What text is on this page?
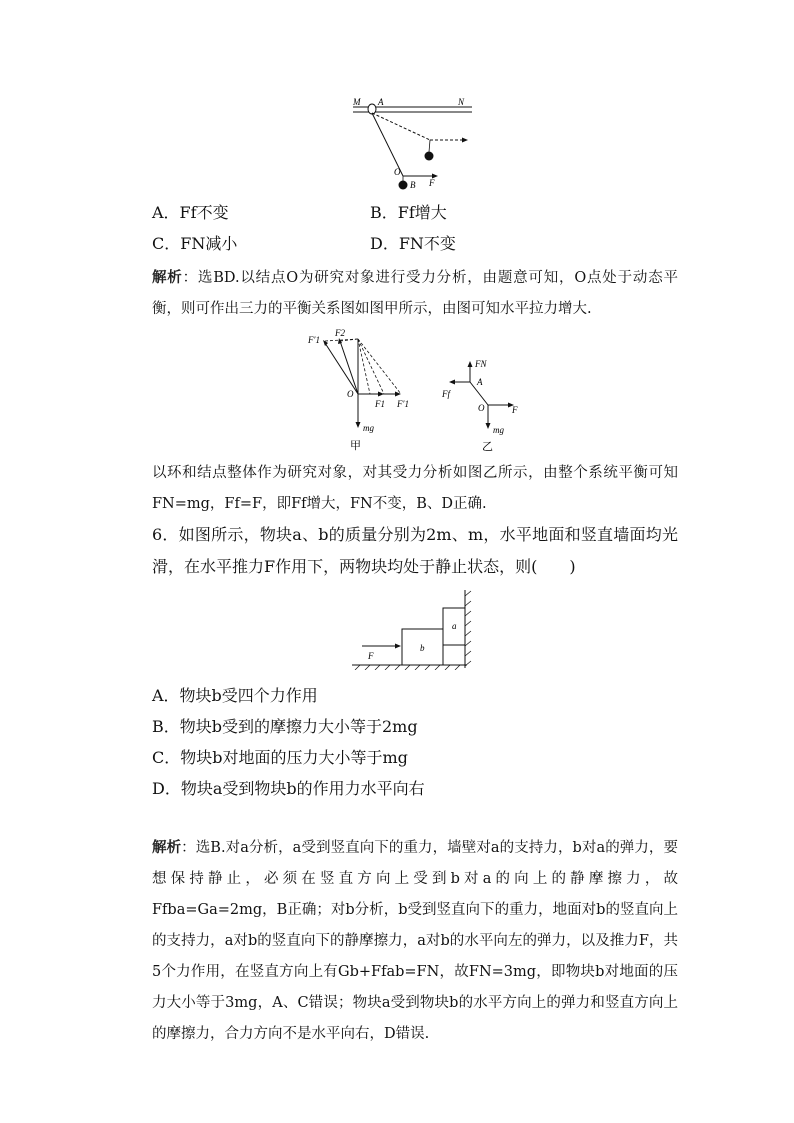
M A	N
O
B F
A．Ff不变	B．Ff增大
C．FN减小	D．FN不变
解析：选BD.以结点O为研究对象进行受力分析，由题意可知，O点处于动态平衡，则可作出三力的平衡关系图如图甲所示，由图可知水平拉力增大.
F′1
F2
O
F1 F′1
mg
甲
FN
A
Ff
O	F
mg
乙
以环和结点整体作为研究对象，对其受力分析如图乙所示，由整个系统平衡可知FN=mg，Ff=F，即Ff增大，FN不变，B、D正确.
6．如图所示，物块a、b的质量分别为2m、m，水平地面和竖直墙面均光滑，在水平推力F作用下，两物块均处于静止状态，则(　　)
F
b
a
A．物块b受四个力作用
B．物块b受到的摩擦力大小等于2mg
C．物块b对地面的压力大小等于mg
D．物块a受到物块b的作用力水平向右
解析：选B.对a分析，a受到竖直向下的重力，墙壁对a的支持力，b对a的弹力，要想保持静止，必须在竖直方向上受到b对a的向上的静摩擦力，故Ffba=Ga=2mg，B正确；对b分析，b受到竖直向下的重力，地面对b的竖直向上的支持力，a对b的竖直向下的静摩擦力，a对b的水平向左的弹力，以及推力F，共5个力作用，在竖直方向上有Gb+Ffab=FN，故FN=3mg，即物块b对地面的压力大小等于3mg，A、C错误；物块a受到物块b的水平方向上的弹力和竖直方向上的摩擦力，合力方向不是水平向右，D错误.
